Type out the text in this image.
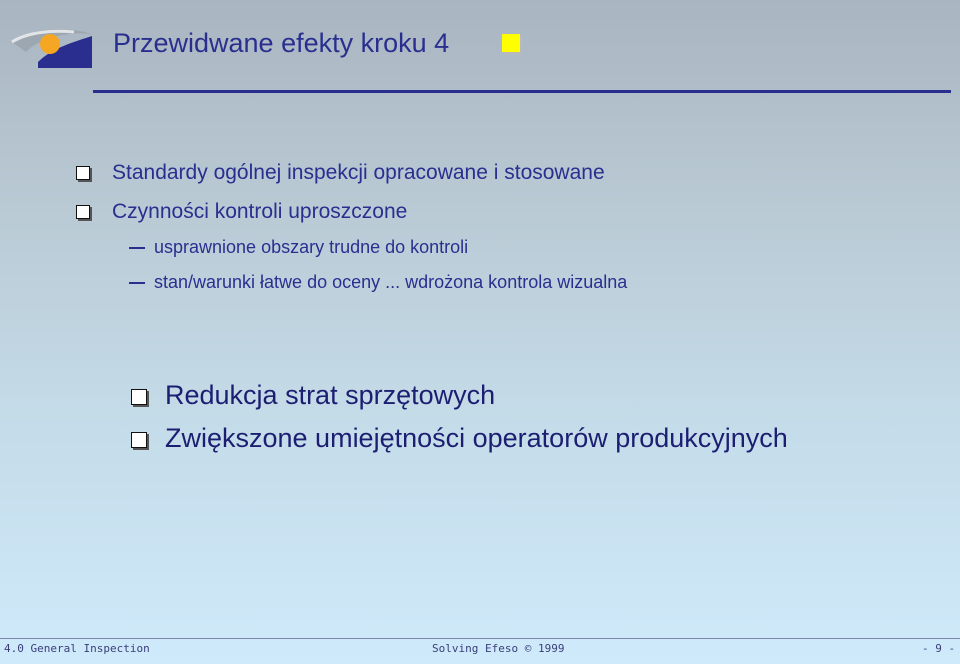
Przewidwane efekty kroku 4
Standardy ogólnej inspekcji opracowane i stosowane
Czynności kontroli uproszczone
usprawnione obszary trudne do kontroli
stan/warunki łatwe do oceny ... wdrożona kontrola wizualna
Redukcja strat sprzętowych
Zwiększone umiejętności operatorów produkcyjnych
4.0 General Inspection	Solving Efeso © 1999	- 9 -
